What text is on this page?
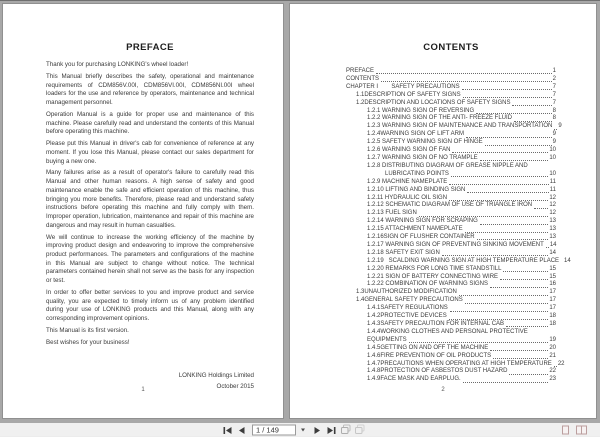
PREFACE

Thank you for purchasing LONKING's wheel loader!

This Manual briefly describes the safety, operational and maintenance requirements of CDM856V.00I, CDM856VI.00I, CDM856NI.00I wheel loaders for the use and reference by operators, maintenance and technical management personnel.

Operation Manual is a guide for proper use and maintenance of this machine. Please carefully read and understand the contents of this Manual before operating this machine.

Please put this Manual in driver's cab for convenience of reference at any moment. If you lose this Manual, please contact our sales department for buying a new one.

Many failures arise as a result of operator's failure to carefully read this Manual and other human reasons. A high sense of safety and good maintenance enable the safe and efficient operation of this machine, thus bringing you more benefits. Therefore, please read and understand safety instructions before operating this machine and fully comply with them. Improper operation, lubrication, maintenance and repair of this machine are dangerous and may result in human casualties.

We will continue to increase the working efficiency of the machine by improving product design and endeavoring to improve the comprehensive product performances. The parameters and configurations of the machine in this Manual are subject to change without notice. The technical parameters contained herein shall not serve as the basis for any inspection or test.

In order to offer better services to you and improve product and service quality, you are expected to timely inform us of any problem identified during your use of LONKING products and this Manual, along with any corresponding improvement opinions.

This Manual is its first version.

Best wishes for your business!

LONKING Holdings Limited
October 2015
1
CONTENTS
PREFACE	1
CONTENTS	2
CHAPTER I        SAFETY PRECAUTIONS	7
1.1DESCRIPTION OF SAFETY SIGNS	7
1.2DESCRIPTION AND LOCATIONS OF SAFETY SIGNS	7
1.2.1 WARNING SIGN OF REVERSING	8
1.2.2 WARNING SIGN OF THE ANTI- FREEZE FLUID	8
1.2.3 WARNING SIGN OF MAINTENANCE AND TRANSPORTATION 9
1.2.4WARNING SIGN OF LIFT ARM	9
1.2.5 SAFETY WARNING SIGN OF HINGE	9
1.2.6 WARNING SIGN OF FAN	10
1.2.7 WARNING SIGN OF NO TRAMPLE	10
1.2.8 DISTRIBUTING DIAGRAM OF GREASE NIPPLE AND
LUBRICATING POINTS	10
1.2.9 MACHINE NAMEPLATE	11
1.2.10 LIFTING AND BINDING SIGN	11
1.2.11 HYDRAULIC OIL SIGN	12
1.2.12 SCHEMATIC DIAGRAM OF USE OF TRIANGLE IRON	12
1.2.13 FUEL SIGN	12
1.2.14 WARNING SIGN FOR SCRAPING	13
1.2.15 ATTACHMENT NAMEPLATE	13
1.2.16SIGN OF FLUSHER CONTAINER	13
1.2.17 WARNING SIGN OF PREVENTING SINKING MOVEMENT 14
1.2.18 SAFETY EXIT SIGN	14
1.2.19   SCALDING WARNING SIGN AT HIGH TEMPERATURE PLACE 14
1.2.20 REMARKS FOR LONG TIME STANDSTILL	15
1.2.21 SIGN OF BATTERY CONNECTING WIRE	15
1.2.22 COMBINATION OF WARNING SIGNS	16
1.3UNAUTHORIZED MODIFICATION	17
1.4GENERAL SAFETY PRECAUTIONS	17
1.4.1SAFETY REGULATIONS	17
1.4.2PROTECTIVE DEVICES	18
1.4.3SAFETY PRECAUTION FOR INTERNAL CAB	18
1.4.4WORKING CLOTHES AND PERSONAL PROTECTIVE
EQUIPMENTS	19
1.4.5GETTING ON AND OFF THE MACHINE	20
1.4.6FIRE PREVENTION OF OIL PRODUCTS	21
1.4.7PRECAUTIONS WHEN OPERATING AT HIGH TEMPERATURE 22
1.4.8PROTECTION OF ASBESTOS DUST HAZARD	22
1.4.9FACE MASK AND EARPLUG.	23
2
1 / 149
